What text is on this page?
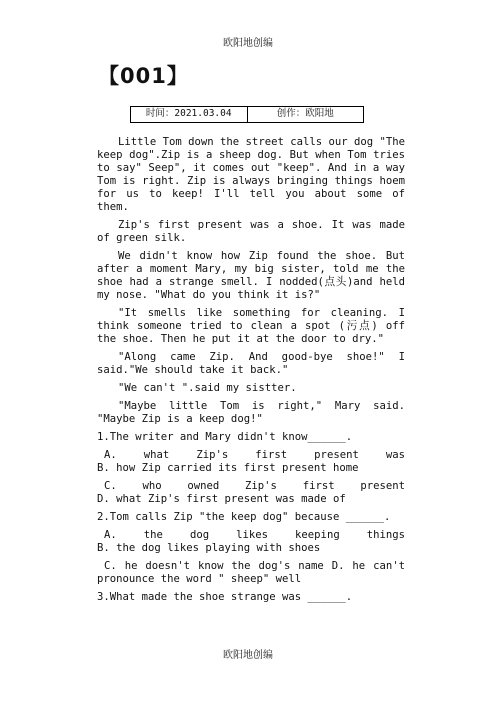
欧阳地创编
【001】
时间：2021.03.04	创作：欧阳地

Little Tom down the street calls our dog "The keep dog".Zip is a sheep dog. But when Tom tries to say" Seep", it comes out "keep". And in a way Tom is right. Zip is always bringing things hoem for us to keep! I'll tell you about some of them.

Zip's first present was a shoe. It was made of green silk.

We didn't know how Zip found the shoe. But after a moment Mary, my big sister, told me the shoe had a strange smell. I nodded(点头)and held my nose. "What do you think it is?"

"It smells like something for cleaning. I think someone tried to clean a spot (污点) off the shoe. Then he put it at the door to dry."

"Along came Zip. And good-bye shoe!" I said."We should take it back."

"We can't ".said my sistter.

"Maybe little Tom is right," Mary said. "Maybe Zip is a keep dog!"

1.The writer and Mary didn't know______.

A. what Zip's first present was
B. how Zip carried its first present home
C. who owned Zip's first present
D. what Zip's first present was made of

2.Tom calls Zip "the keep dog" because ______.

A. the dog likes keeping things
B. the dog likes playing with shoes

C. he doesn't know the dog's name D. he can't pronounce the word " sheep" well

3.What made the shoe strange was ______.

欧阳地创编
